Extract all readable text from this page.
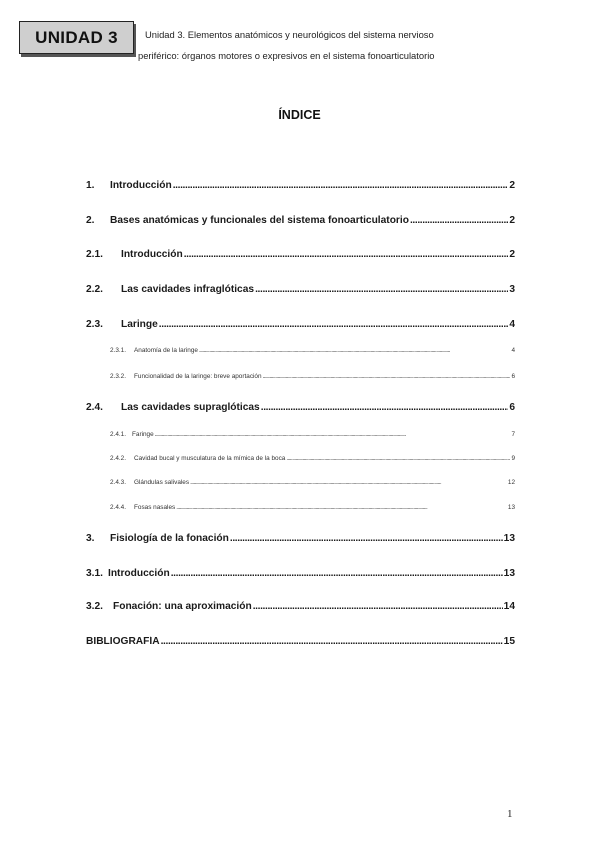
UNIDAD 3	Unidad 3. Elementos anatómicos y neurológicos del sistema nervioso
periférico: órganos motores o expresivos en el sistema fonoarticulatorio
ÍNDICE
1.	Introducción . . .	2
2.	Bases anatómicas y funcionales del sistema fonoarticulatorio . . .	2
2.1.	Introducción . . .	2
2.2.	Las cavidades infraglóticas . . .	3
2.3.	Laringe . . .	4
2.3.1.	Anatomía de la laringe . . .	4
2.3.2.	Funcionalidad de la laringe: breve aportación . . .	6
2.4.	Las cavidades supraglóticas . . .	6
2.4.1. Faringe . . .	7
2.4.2.	Cavidad bucal y musculatura de la mímica de la boca . . .	9
2.4.3.	Glándulas salivales . . .	12
2.4.4.	Fosas nasales . . .	13
3.	Fisiología de la fonación . . .	13
3.1. Introducción . . .	13
3.2. Fonación: una aproximación . . .	14
BIBLIOGRAFÍA . . .	15
1
